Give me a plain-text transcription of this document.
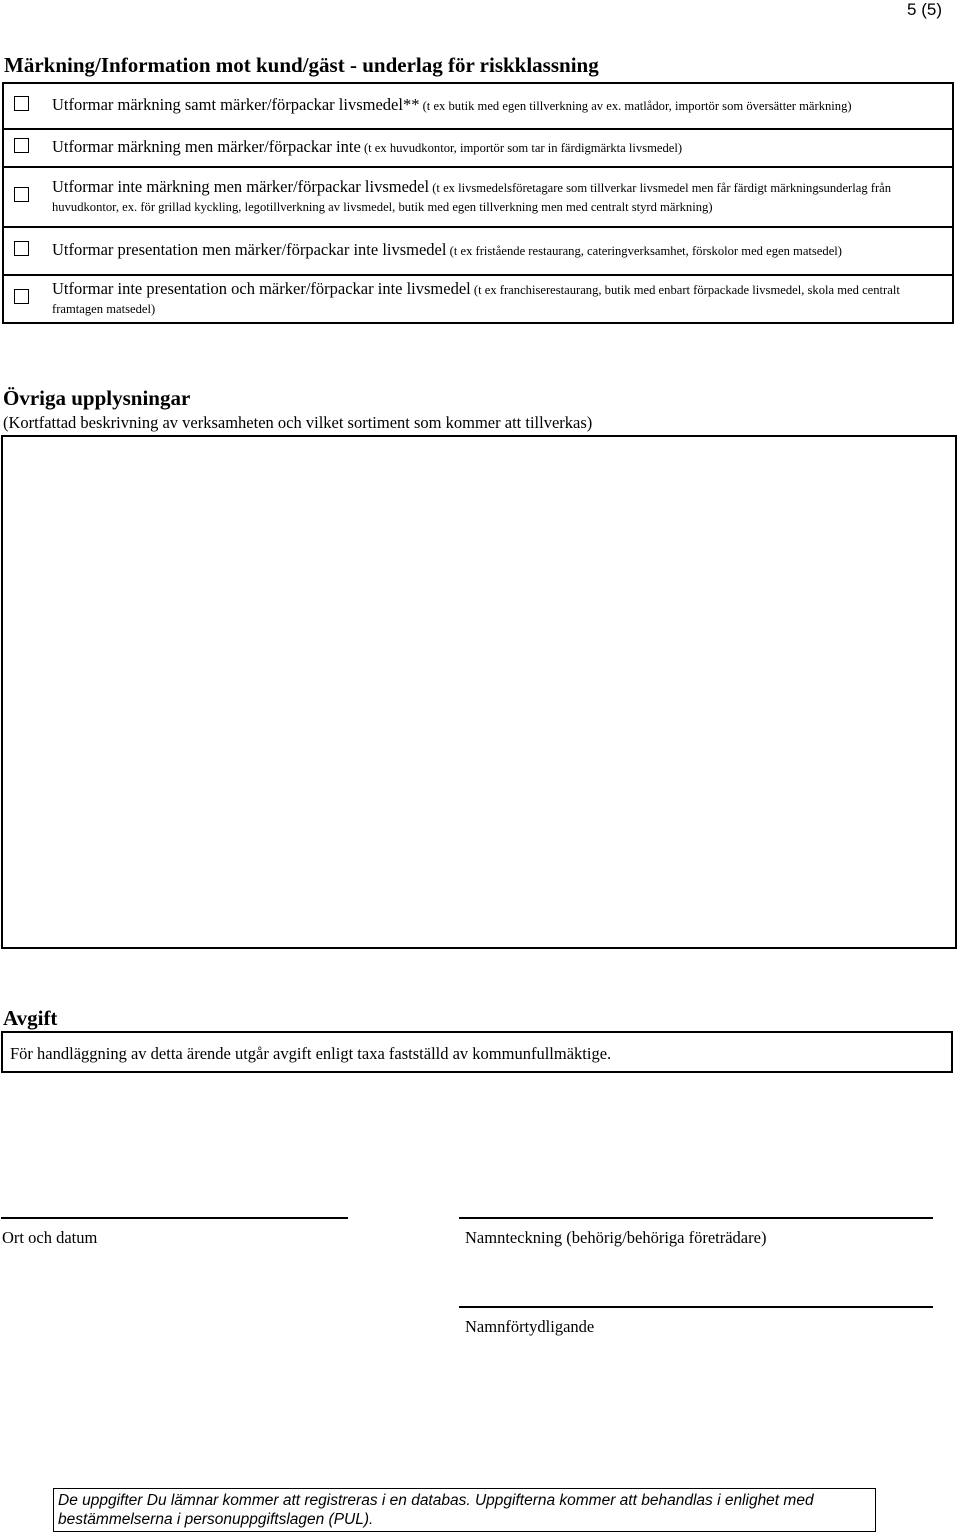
5 (5)
Märkning/Information mot kund/gäst - underlag för riskklassning
	Utformar märkning samt märker/förpackar livsmedel** (t ex butik med egen tillverkning av ex. matlådor, importör som översätter märkning)
	Utformar märkning men märker/förpackar inte (t ex huvudkontor, importör som tar in färdigmärkta livsmedel)
	Utformar inte märkning men märker/förpackar livsmedel (t ex livsmedelsföretagare som tillverkar livsmedel men får färdigt märkningsunderlag från huvudkontor, ex. för grillad kyckling, legotillverkning av livsmedel, butik med egen tillverkning men med centralt styrd märkning)
	Utformar presentation men märker/förpackar inte livsmedel (t ex fristående restaurang, cateringverksamhet, förskolor med egen matsedel)
	Utformar inte presentation och märker/förpackar inte livsmedel (t ex franchiserestaurang, butik med enbart förpackade livsmedel, skola med centralt framtagen matsedel)
Övriga upplysningar
(Kortfattad beskrivning av verksamheten och vilket sortiment som kommer att tillverkas)
Avgift
För handläggning av detta ärende utgår avgift enligt taxa fastställd av kommunfullmäktige.
Ort och datum	Namnteckning (behörig/behöriga företrädare)
Namnförtydligande
De uppgifter Du lämnar kommer att registreras i en databas. Uppgifterna kommer att behandlas i enlighet med bestämmelserna i personuppgiftslagen (PUL).
